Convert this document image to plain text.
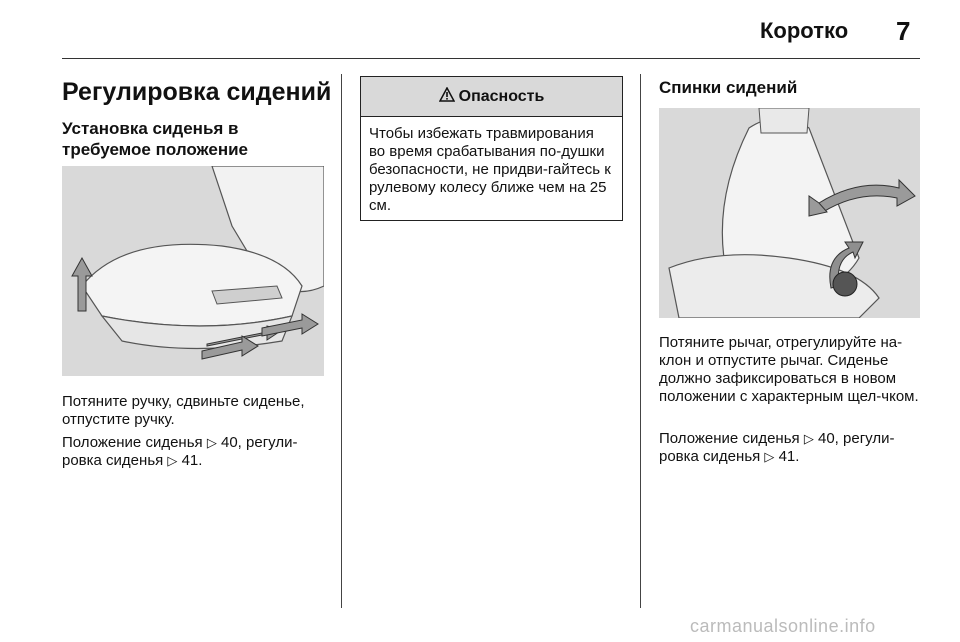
Коротко 7
Регулировка сидений
Установка сиденья в требуемое положение
Потяните ручку, сдвиньте сиденье, отпустите ручку.
Положение сиденья ▷ 40, регули-
ровка сиденья ▷ 41.
Опасность
Чтобы избежать травмирования во время срабатывания по-душки безопасности, не придви-гайтесь к рулевому колесу ближе чем на 25 см.
Спинки сидений
Потяните рычаг, отрегулируйте на-клон и отпустите рычаг. Сиденье должно зафиксироваться в новом положении с характерным щел-чком.
Положение сиденья ▷ 40, регули-
ровка сиденья ▷ 41.
carmanualsonline.info
